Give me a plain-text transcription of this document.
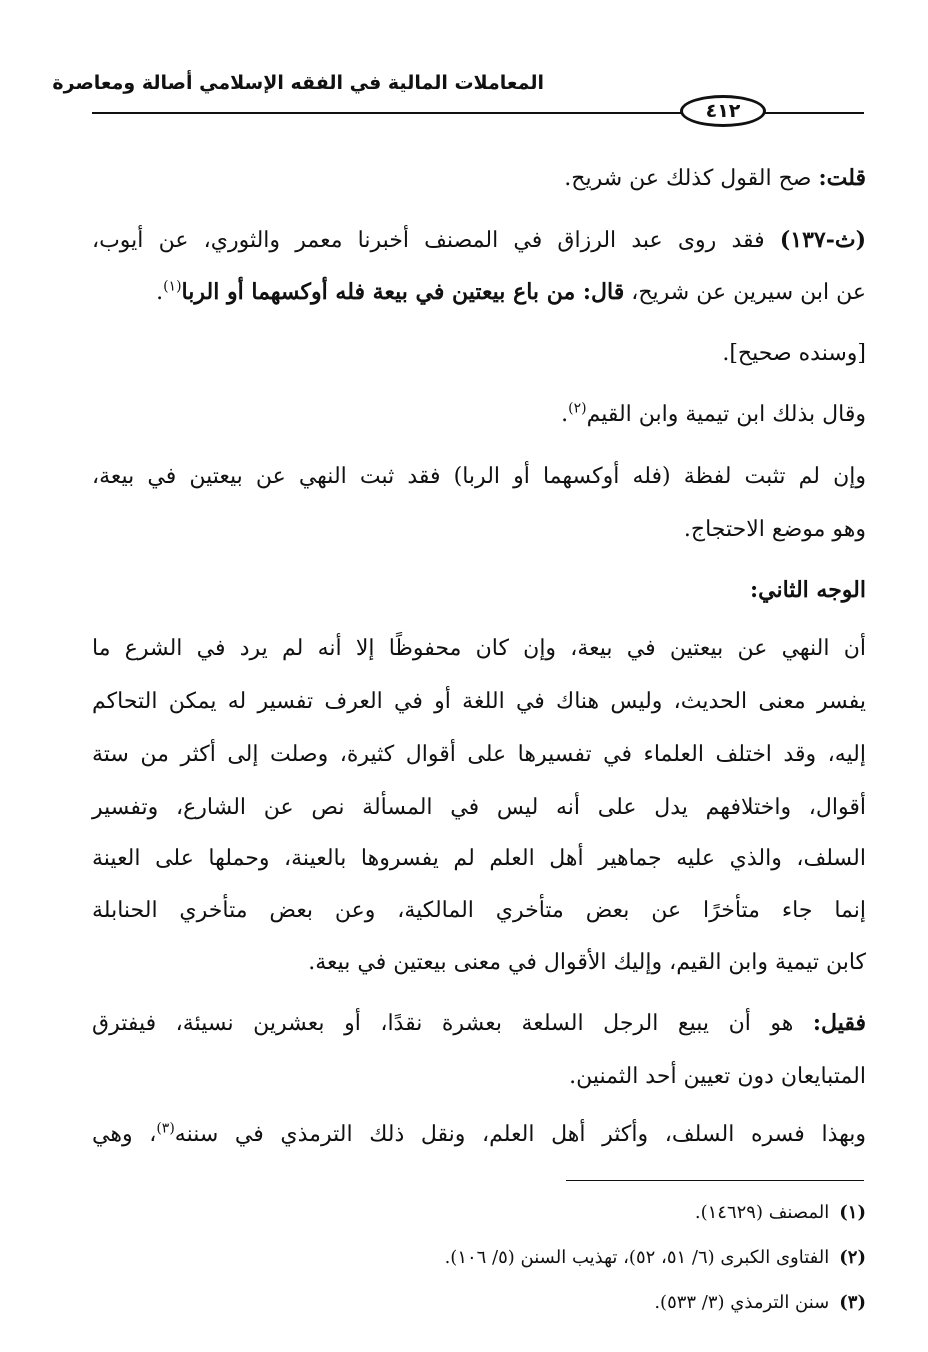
المعاملات المالية في الفقه الإسلامي أصالة ومعاصرة
٤١٢
قلت: صح القول كذلك عن شريح.
(ث-١٣٧) فقد روى عبد الرزاق في المصنف أخبرنا معمر والثوري، عن أيوب،
عن ابن سيرين عن شريح، قال: من باع بيعتين في بيعة فله أوكسهما أو الربا$^{(١)}$.
[وسنده صحيح].
وقال بذلك ابن تيمية وابن القيم$^{(٢)}$.
وإن لم تثبت لفظة (فله أوكسهما أو الربا) فقد ثبت النهي عن بيعتين في بيعة،
وهو موضع الاحتجاج.
الوجه الثاني:
أن النهي عن بيعتين في بيعة، وإن كان محفوظًا إلا أنه لم يرد في الشرع ما
يفسر معنى الحديث، وليس هناك في اللغة أو في العرف تفسير له يمكن التحاكم
إليه، وقد اختلف العلماء في تفسيرها على أقوال كثيرة، وصلت إلى أكثر من ستة
أقوال، واختلافهم يدل على أنه ليس في المسألة نص عن الشارع، وتفسير
السلف، والذي عليه جماهير أهل العلم لم يفسروها بالعينة، وحملها على العينة
إنما جاء متأخرًا عن بعض متأخري المالكية، وعن بعض متأخري الحنابلة
كابن تيمية وابن القيم، وإليك الأقوال في معنى بيعتين في بيعة.
فقيل: هو أن يبيع الرجل السلعة بعشرة نقدًا، أو بعشرين نسيئة، فيفترق
المتبايعان دون تعيين أحد الثمنين.
وبهذا فسره السلف، وأكثر أهل العلم، ونقل ذلك الترمذي في سننه$^{(٣)}$، وهي
(١)المصنف (١٤٦٢٩).
(٢)الفتاوى الكبرى (٦/ ٥١، ٥٢)، تهذيب السنن (٥/ ١٠٦).
(٣)سنن الترمذي (٣/ ٥٣٣).
